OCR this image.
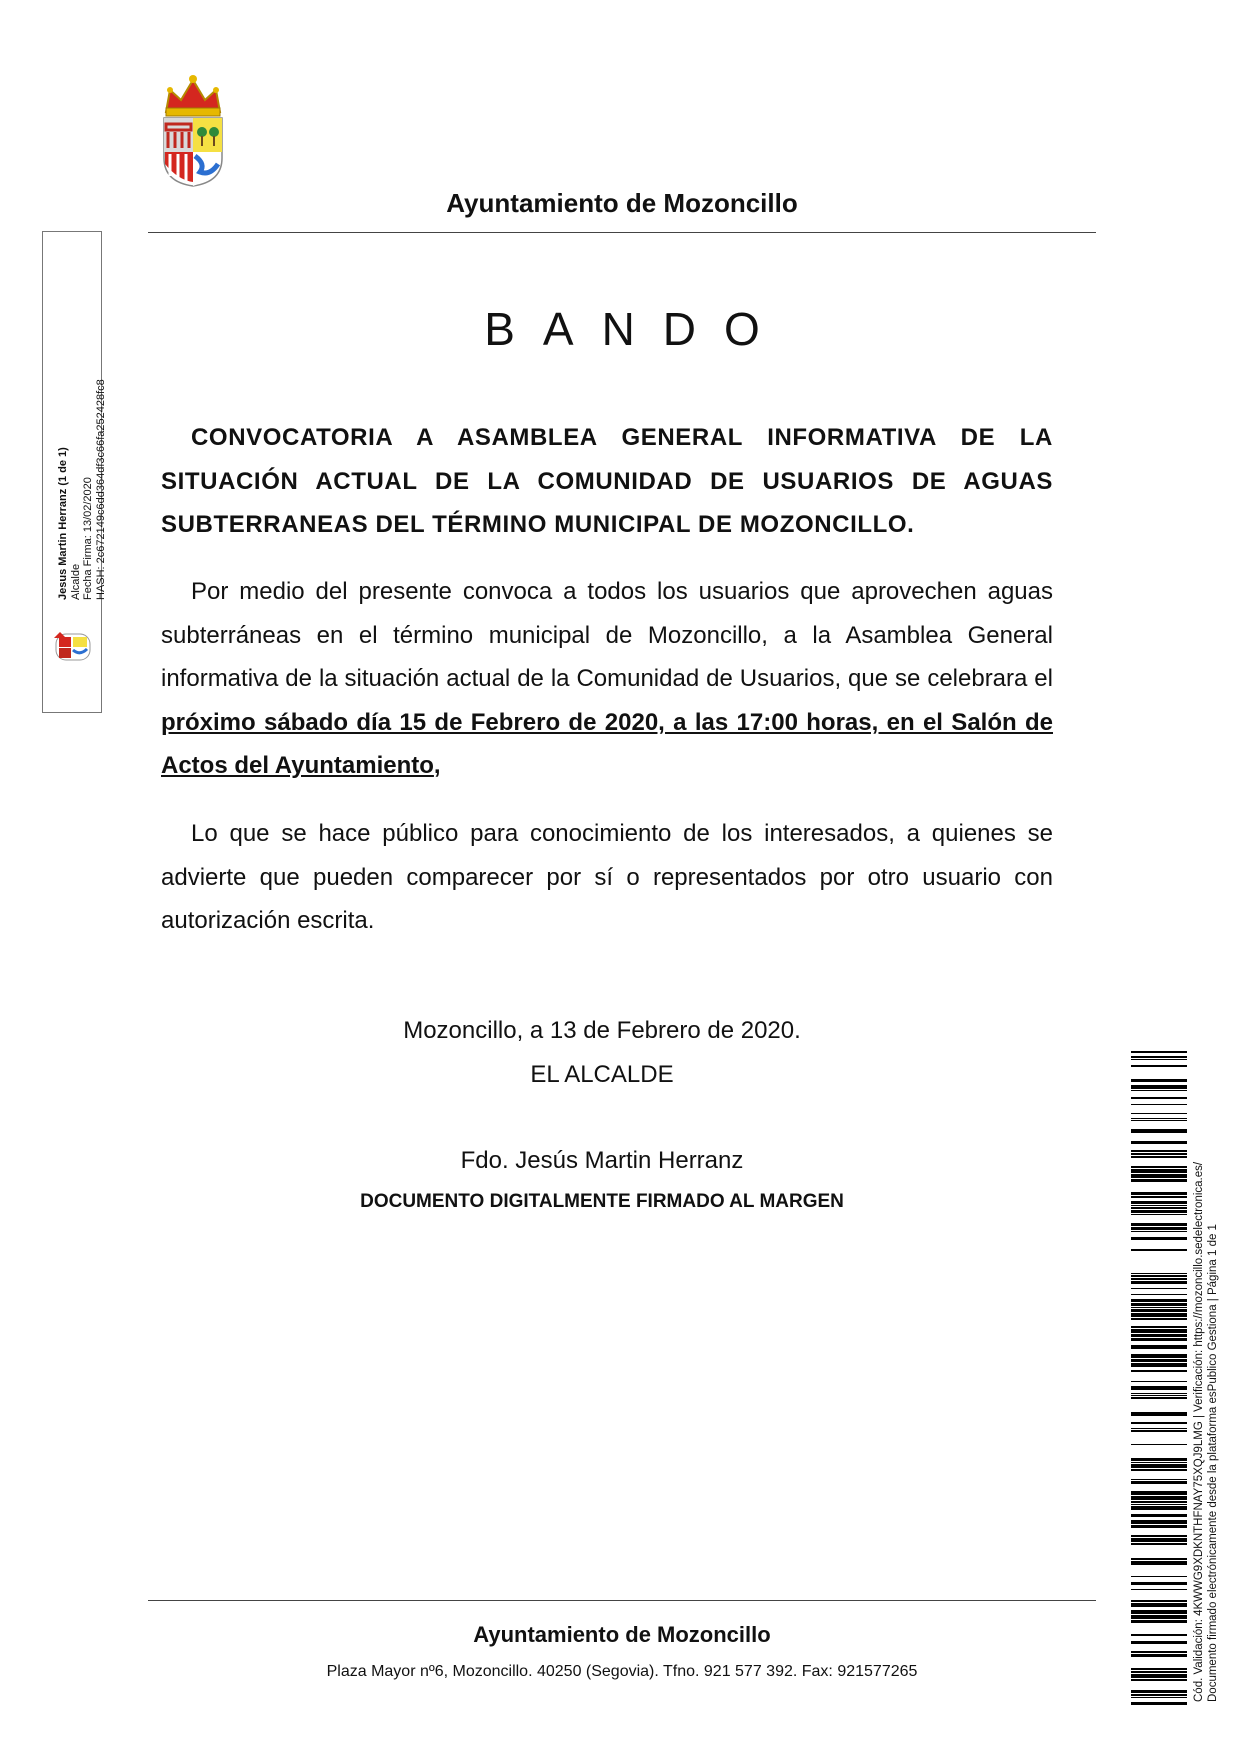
Ayuntamiento de Mozoncillo
BANDO
CONVOCATORIA A ASAMBLEA GENERAL INFORMATIVA DE LA SITUACIÓN ACTUAL DE LA COMUNIDAD DE USUARIOS DE AGUAS SUBTERRANEAS DEL TÉRMINO MUNICIPAL DE MOZONCILLO.
Por medio del presente convoca a todos los usuarios que aprovechen aguas subterráneas en el término municipal de Mozoncillo, a la Asamblea General informativa de la situación actual de la Comunidad de Usuarios, que se celebrara el próximo sábado día 15 de Febrero de 2020, a las 17:00 horas, en el Salón de Actos del Ayuntamiento,
Lo que se hace público para conocimiento de los interesados, a quienes se advierte que pueden comparecer por sí o representados por otro usuario con autorización escrita.
Mozoncillo, a 13 de Febrero de 2020.
EL ALCALDE
Fdo. Jesús Martin Herranz
DOCUMENTO DIGITALMENTE FIRMADO AL MARGEN
Ayuntamiento de Mozoncillo
Plaza Mayor nº6, Mozoncillo. 40250 (Segovia). Tfno. 921 577 392. Fax: 921577265
Jesus Martin Herranz (1 de 1) Alcalde Fecha Firma: 13/02/2020 HASH: 2c672149c6dd364df3c66fa252428fc8
Cód. Validación: 4KWWG9XDKNTHFNAY75XQJ9LMG | Verificación: https://mozoncillo.sedelectronica.es/ Documento firmado electrónicamente desde la plataforma esPublico Gestiona | Página 1 de 1
